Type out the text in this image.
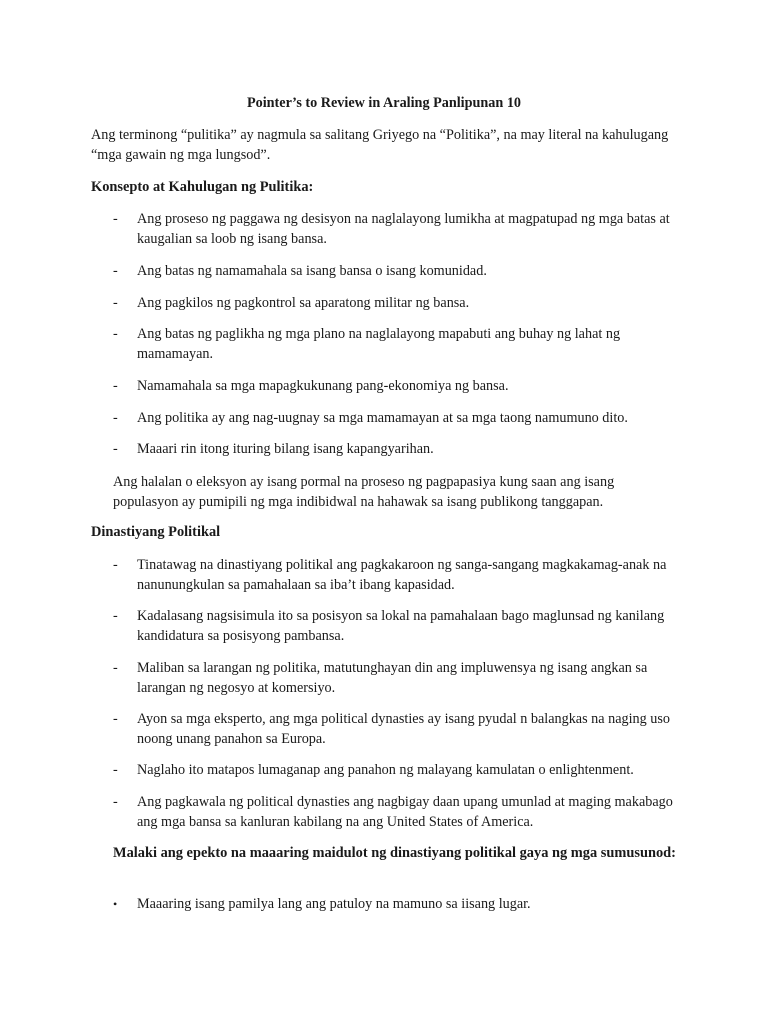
Pointer’s to Review in Araling Panlipunan 10
Ang terminong “pulitika” ay nagmula sa salitang Griyego na “Politika”, na may literal na kahulugang “mga gawain ng mga lungsod”.
Konsepto at Kahulugan ng Pulitika:
-	Ang proseso ng paggawa ng desisyon na naglalayong lumikha at magpatupad ng mga batas at kaugalian sa loob ng isang bansa.
-	Ang batas ng namamahala sa isang bansa o isang komunidad.
-	Ang pagkilos ng pagkontrol sa aparatong militar ng bansa.
-	Ang batas ng paglikha ng mga plano na naglalayong mapabuti ang buhay ng lahat ng mamamayan.
-	Namamahala sa mga mapagkukunang pang-ekonomiya ng bansa.
-	Ang politika ay ang nag-uugnay sa mga mamamayan at sa mga taong namumuno dito.
-	Maaari rin itong ituring bilang isang kapangyarihan.
Ang halalan o eleksyon ay isang pormal na proseso ng pagpapasiya kung saan ang isang populasyon ay pumipili ng mga indibidwal na hahawak sa isang publikong tanggapan.
Dinastiyang Politikal
-	Tinatawag na dinastiyang politikal ang pagkakaroon ng sanga-sangang magkakamag-anak na nanunungkulan sa pamahalaan sa iba’t ibang kapasidad.
-	Kadalasang nagsisimula ito sa posisyon sa lokal na pamahalaan bago maglunsad ng kanilang kandidatura sa posisyong pambansa.
-	Maliban sa larangan ng politika, matutunghayan din ang impluwensya ng isang angkan sa larangan ng negosyo at komersiyo.
-	Ayon sa mga eksperto, ang mga political dynasties ay isang pyudal n balangkas na naging uso noong unang panahon sa Europa.
-	Naglaho ito matapos lumaganap ang panahon ng malayang kamulatan o enlightenment.
-	Ang pagkawala ng political dynasties ang nagbigay daan upang umunlad at maging makabago ang mga bansa sa kanluran kabilang na ang United States of America.
Malaki ang epekto na maaaring maidulot ng dinastiyang politikal gaya ng mga sumusunod:
•	Maaaring isang pamilya lang ang patuloy na mamuno sa iisang lugar.
